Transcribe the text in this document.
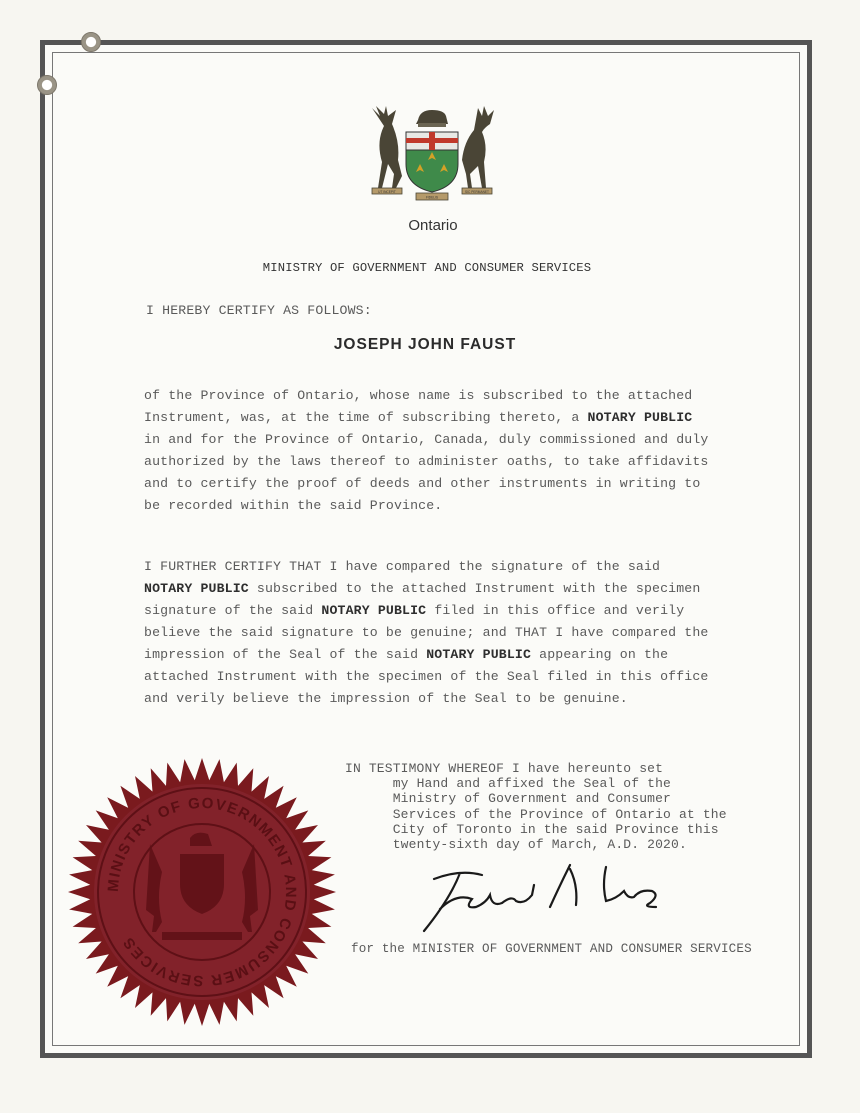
UT INCEPIT
FIDELIS
SIC PERMANET
Ontario
MINISTRY OF GOVERNMENT AND CONSUMER SERVICES
I HEREBY CERTIFY AS FOLLOWS:
JOSEPH JOHN FAUST
of the Province of Ontario, whose name is subscribed to the attached
Instrument, was, at the time of subscribing thereto, a NOTARY PUBLIC
in and for the Province of Ontario, Canada, duly commissioned and duly
authorized by the laws thereof to administer oaths, to take affidavits
and to certify the proof of deeds and other instruments in writing to
be recorded within the said Province.
I FURTHER CERTIFY THAT I have compared the signature of the said
NOTARY PUBLIC subscribed to the attached Instrument with the specimen
signature of the said NOTARY PUBLIC filed in this office and verily
believe the said signature to be genuine; and THAT I have compared the
impression of the Seal of the said NOTARY PUBLIC appearing on the
attached Instrument with the specimen of the Seal filed in this office
and verily believe the impression of the Seal to be genuine.
IN TESTIMONY WHEREOF I have hereunto set
my Hand and affixed the Seal of the
Ministry of Government and Consumer
Services of the Province of Ontario at the
City of Toronto in the said Province this
twenty-sixth day of March, A.D. 2020.
for the MINISTER OF GOVERNMENT AND CONSUMER SERVICES
MINISTRY OF GOVERNMENT AND CONSUMER SERVICES
